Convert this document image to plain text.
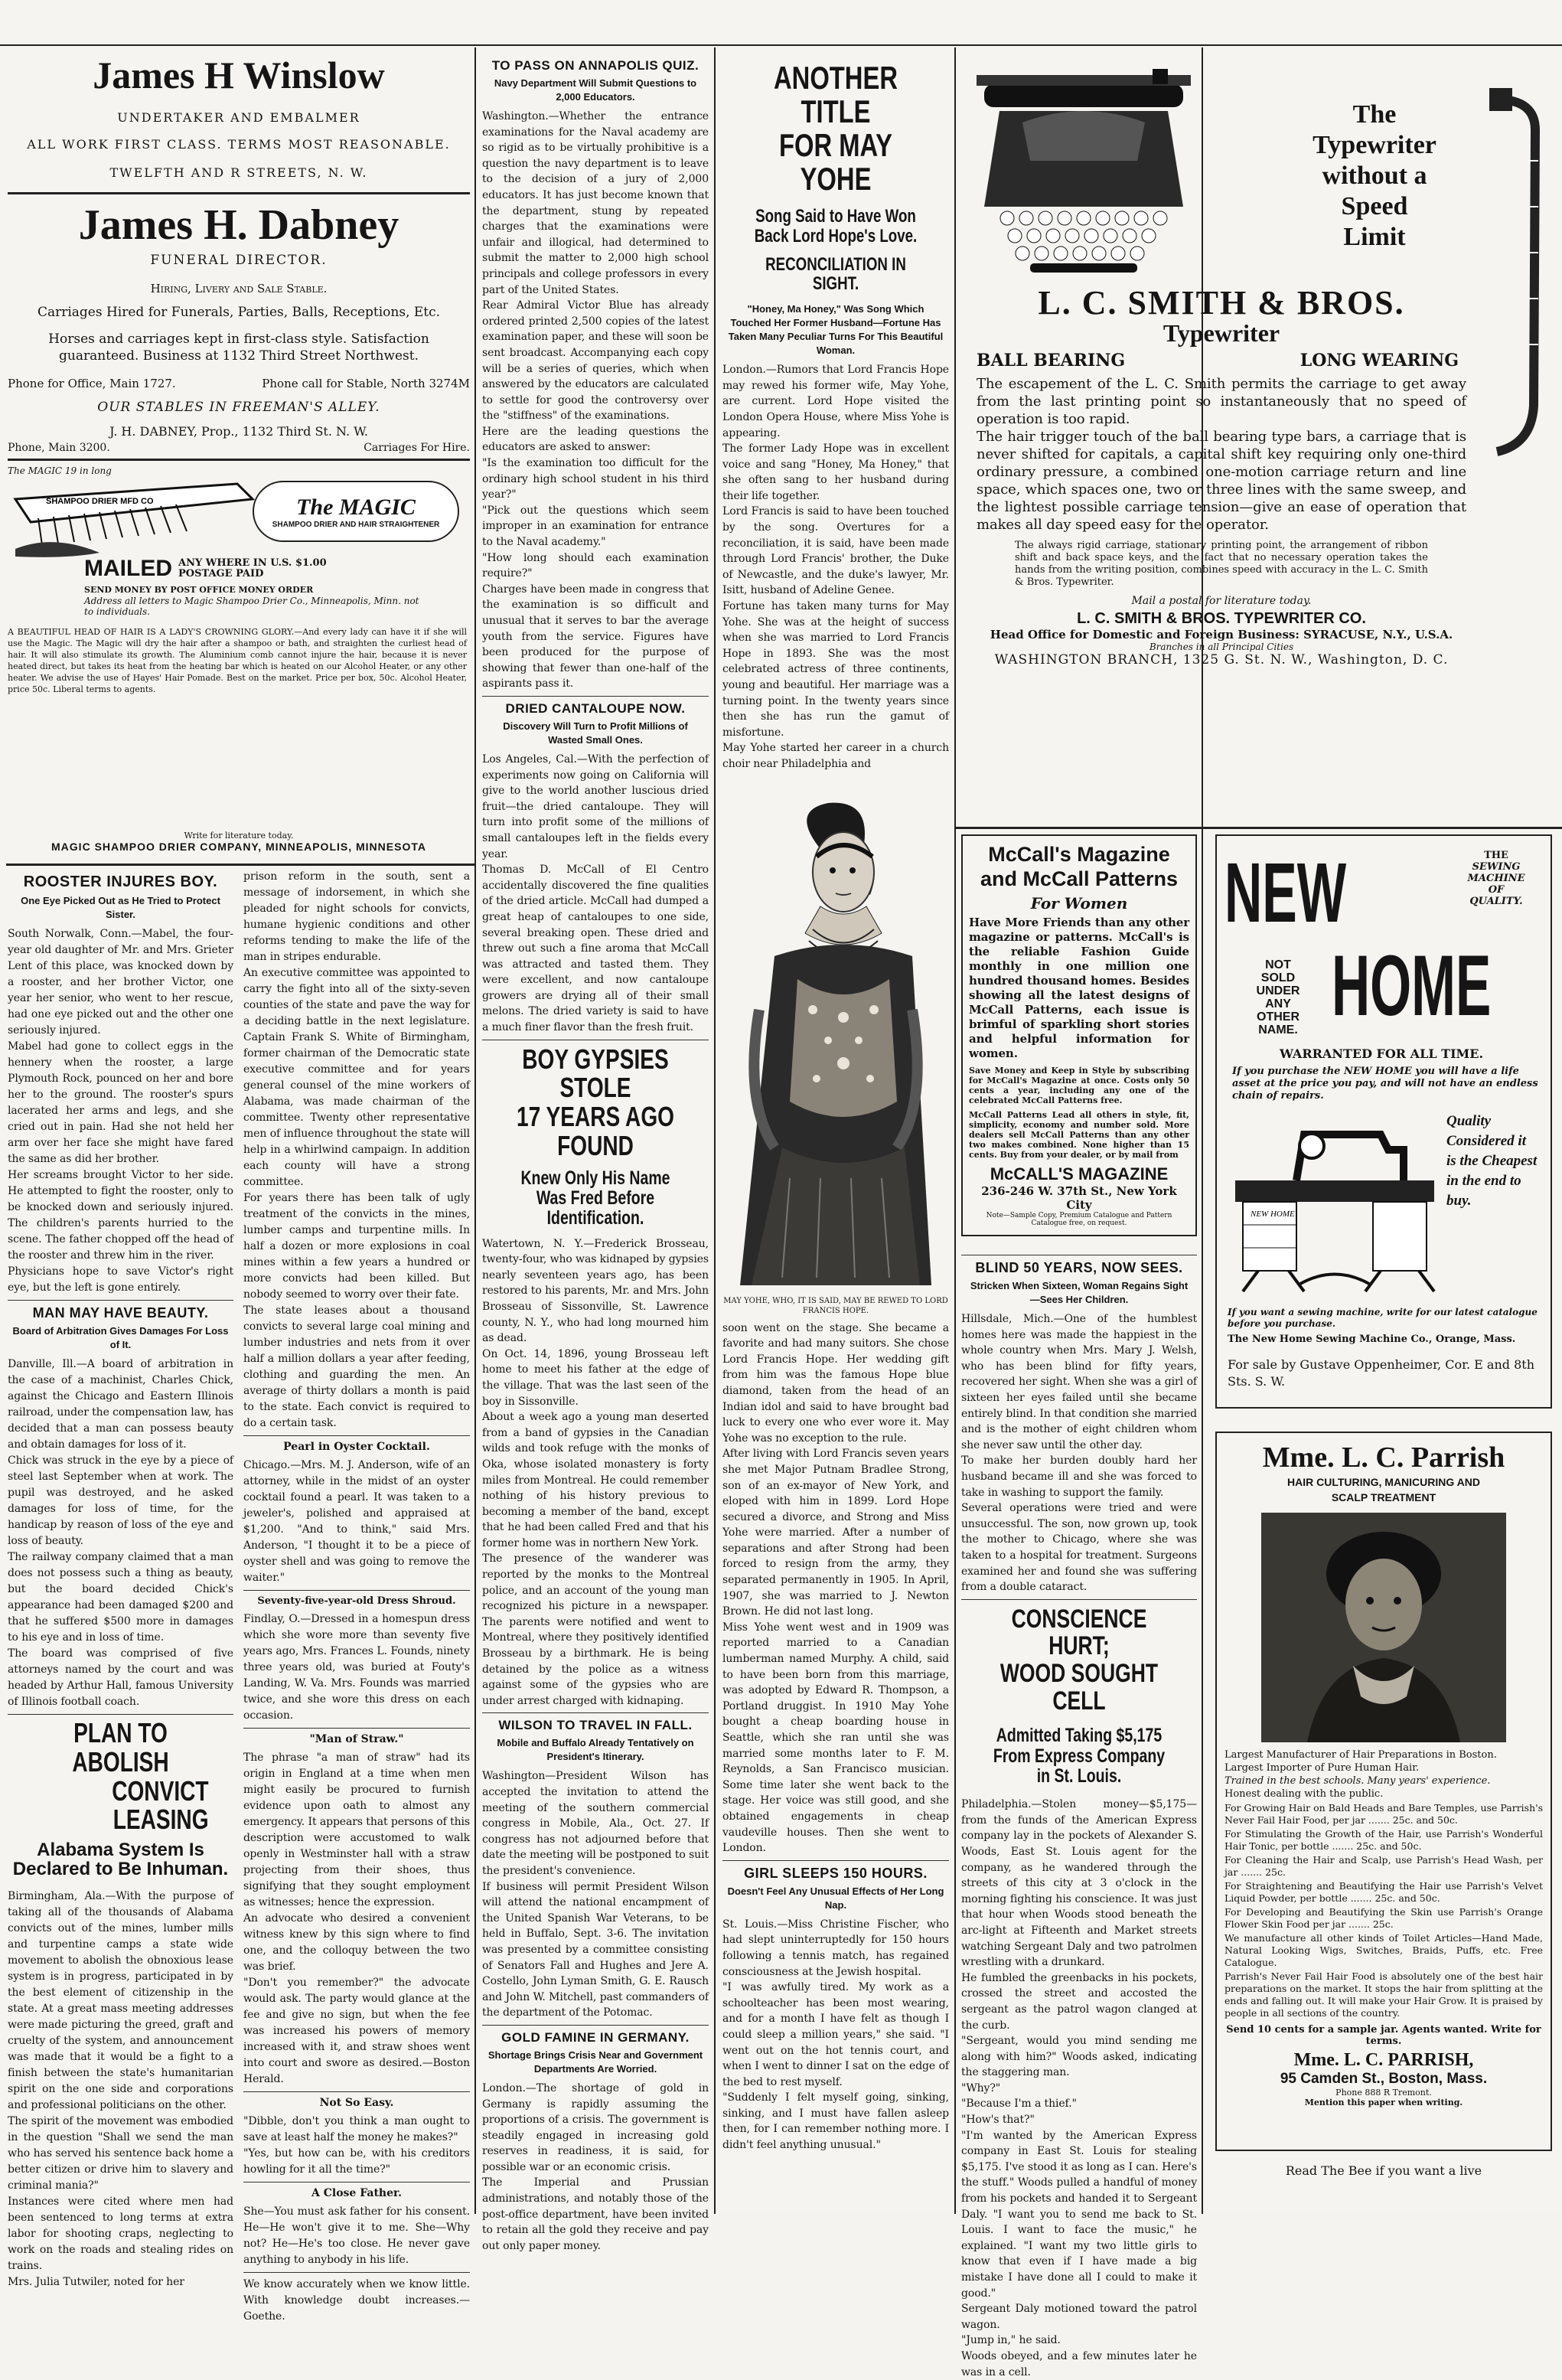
James H Winslow
UNDERTAKER AND EMBALMER
ALL WORK FIRST CLASS. TERMS MOST REASONABLE.
TWELFTH AND R STREETS, N. W.
James H. Dabney
FUNERAL DIRECTOR.
Hiring, Livery and Sale Stable.
Carriages Hired for Funerals, Parties, Balls, Receptions, Etc.
Horses and carriages kept in first-class style. Satisfaction guaranteed. Business at 1132 Third Street Northwest.
Phone for Office, Main 1727.	Phone call for Stable, North 3274M
OUR STABLES IN FREEMAN'S ALLEY.
J. H. DABNEY, Prop., 1132 Third St. N. W.
Phone, Main 3200.	Carriages For Hire.
The MAGIC 19 in long
SHAMPOO DRIER MFD CO	The MAGIC
SHAMPOO DRIER AND HAIR STRAIGHTENER
MAILED ANY WHERE IN U.S. $1.00 POSTAGE PAID
SEND MONEY BY POST OFFICE MONEY ORDER
Address all letters to Magic Shampoo Drier Co., Minneapolis, Minn. not to individuals.
A BEAUTIFUL HEAD OF HAIR IS A LADY'S CROWNING GLORY.—And every lady can have it if she will use the Magic. The Magic will dry the hair after a shampoo or bath, and straighten the curliest head of hair. It will also stimulate its growth. The Aluminium comb cannot injure the hair, because it is never heated direct, but takes its heat from the heating bar which is heated on our Alcohol Heater, or any other heater. We advise the use of Hayes' Hair Pomade. Best on the market. Price per box, 50c. Alcohol Heater, price 50c. Liberal terms to agents.
Write for literature today.
MAGIC SHAMPOO DRIER COMPANY, MINNEAPOLIS, MINNESOTA
ROOSTER INJURES BOY.
One Eye Picked Out as He Tried to Protect Sister.
South Norwalk, Conn.—Mabel, the four-year old daughter of Mr. and Mrs. Grieter Lent of this place, was knocked down by a rooster, and her brother Victor, one year her senior, who went to her rescue, had one eye picked out and the other one seriously injured.
Mabel had gone to collect eggs in the hennery when the rooster, a large Plymouth Rock, pounced on her and bore her to the ground. The rooster's spurs lacerated her arms and legs, and she cried out in pain. Had she not held her arm over her face she might have fared the same as did her brother.
Her screams brought Victor to her side. He attempted to fight the rooster, only to be knocked down and seriously injured. The children's parents hurried to the scene. The father chopped off the head of the rooster and threw him in the river.
Physicians hope to save Victor's right eye, but the left is gone entirely.
MAN MAY HAVE BEAUTY.
Board of Arbitration Gives Damages For Loss of It.
Danville, Ill.—A board of arbitration in the case of a machinist, Charles Chick, against the Chicago and Eastern Illinois railroad, under the compensation law, has decided that a man can possess beauty and obtain damages for loss of it.
Chick was struck in the eye by a piece of steel last September when at work. The pupil was destroyed, and he asked damages for loss of time, for the handicap by reason of loss of the eye and loss of beauty.
The railway company claimed that a man does not possess such a thing as beauty, but the board decided Chick's appearance had been damaged $200 and that he suffered $500 more in damages to his eye and in loss of time.
The board was comprised of five attorneys named by the court and was headed by Arthur Hall, famous University of Illinois football coach.
PLAN TO ABOLISH
CONVICT LEASING
Alabama System Is Declared to Be Inhuman.
Birmingham, Ala.—With the purpose of taking all of the thousands of Alabama convicts out of the mines, lumber mills and turpentine camps a state wide movement to abolish the obnoxious lease system is in progress, participated in by the best element of citizenship in the state. At a great mass meeting addresses were made picturing the greed, graft and cruelty of the system, and announcement was made that it would be a fight to a finish between the state's humanitarian spirit on the one side and corporations and professional politicians on the other.
The spirit of the movement was embodied in the question "Shall we send the man who has served his sentence back home a better citizen or drive him to slavery and criminal mania?"
Instances were cited where men had been sentenced to long terms at extra labor for shooting craps, neglecting to work on the roads and stealing rides on trains.
Mrs. Julia Tutwiler, noted for her
prison reform in the south, sent a message of indorsement, in which she pleaded for night schools for convicts, humane hygienic conditions and other reforms tending to make the life of the man in stripes endurable.
An executive committee was appointed to carry the fight into all of the sixty-seven counties of the state and pave the way for a deciding battle in the next legislature. Captain Frank S. White of Birmingham, former chairman of the Democratic state executive committee and for years general counsel of the mine workers of Alabama, was made chairman of the committee. Twenty other representative men of influence throughout the state will help in a whirlwind campaign. In addition each county will have a strong committee.
For years there has been talk of ugly treatment of the convicts in the mines, lumber camps and turpentine mills. In half a dozen or more explosions in coal mines within a few years a hundred or more convicts had been killed. But nobody seemed to worry over their fate.
The state leases about a thousand convicts to several large coal mining and lumber industries and nets from it over half a million dollars a year after feeding, clothing and guarding the men. An average of thirty dollars a month is paid to the state. Each convict is required to do a certain task.
Pearl in Oyster Cocktail.
Chicago.—Mrs. M. J. Anderson, wife of an attorney, while in the midst of an oyster cocktail found a pearl. It was taken to a jeweler's, polished and appraised at $1,200. "And to think," said Mrs. Anderson, "I thought it to be a piece of oyster shell and was going to remove the waiter."
Seventy-five-year-old Dress Shroud.
Findlay, O.—Dressed in a homespun dress which she wore more than seventy five years ago, Mrs. Frances L. Founds, ninety three years old, was buried at Fouty's Landing, W. Va. Mrs. Founds was married twice, and she wore this dress on each occasion.
"Man of Straw."
The phrase "a man of straw" had its origin in England at a time when men might easily be procured to furnish evidence upon oath to almost any emergency. It appears that persons of this description were accustomed to walk openly in Westminster hall with a straw projecting from their shoes, thus signifying that they sought employment as witnesses; hence the expression.
An advocate who desired a convenient witness knew by this sign where to find one, and the colloquy between the two was brief.
"Don't you remember?" the advocate would ask. The party would glance at the fee and give no sign, but when the fee was increased his powers of memory increased with it, and straw shoes went into court and swore as desired.—Boston Herald.
Not So Easy.
"Dibble, don't you think a man ought to save at least half the money he makes?"
"Yes, but how can be, with his creditors howling for it all the time?"
A Close Father.
She—You must ask father for his consent. He—He won't give it to me. She—Why not? He—He's too close. He never gave anything to anybody in his life.
We know accurately when we know little. With knowledge doubt increases.—Goethe.
TO PASS ON ANNAPOLIS QUIZ.
Navy Department Will Submit Questions to 2,000 Educators.
Washington.—Whether the entrance examinations for the Naval academy are so rigid as to be virtually prohibitive is a question the navy department is to leave to the decision of a jury of 2,000 educators. It has just become known that the department, stung by repeated charges that the examinations were unfair and illogical, had determined to submit the matter to 2,000 high school principals and college professors in every part of the United States.
Rear Admiral Victor Blue has already ordered printed 2,500 copies of the latest examination paper, and these will soon be sent broadcast. Accompanying each copy will be a series of queries, which when answered by the educators are calculated to settle for good the controversy over the "stiffness" of the examinations.
Here are the leading questions the educators are asked to answer:
"Is the examination too difficult for the ordinary high school student in his third year?"
"Pick out the questions which seem improper in an examination for entrance to the Naval academy."
"How long should each examination require?"
Charges have been made in congress that the examination is so difficult and unusual that it serves to bar the average youth from the service. Figures have been produced for the purpose of showing that fewer than one-half of the aspirants pass it.
DRIED CANTALOUPE NOW.
Discovery Will Turn to Profit Millions of Wasted Small Ones.
Los Angeles, Cal.—With the perfection of experiments now going on California will give to the world another luscious dried fruit—the dried cantaloupe. They will turn into profit some of the millions of small cantaloupes left in the fields every year.
Thomas D. McCall of El Centro accidentally discovered the fine qualities of the dried article. McCall had dumped a great heap of cantaloupes to one side, several breaking open. These dried and threw out such a fine aroma that McCall was attracted and tasted them. They were excellent, and now cantaloupe growers are drying all of their small melons. The dried variety is said to have a much finer flavor than the fresh fruit.
BOY GYPSIES STOLE
17 YEARS AGO FOUND
Knew Only His Name Was Fred Before Identification.
Watertown, N. Y.—Frederick Brosseau, twenty-four, who was kidnaped by gypsies nearly seventeen years ago, has been restored to his parents, Mr. and Mrs. John Brosseau of Sissonville, St. Lawrence county, N. Y., who had long mourned him as dead.
On Oct. 14, 1896, young Brosseau left home to meet his father at the edge of the village. That was the last seen of the boy in Sissonville.
About a week ago a young man deserted from a band of gypsies in the Canadian wilds and took refuge with the monks of Oka, whose isolated monastery is forty miles from Montreal. He could remember nothing of his history previous to becoming a member of the band, except that he had been called Fred and that his former home was in northern New York.
The presence of the wanderer was reported by the monks to the Montreal police, and an account of the young man recognized his picture in a newspaper. The parents were notified and went to Montreal, where they positively identified Brosseau by a birthmark. He is being detained by the police as a witness against some of the gypsies who are under arrest charged with kidnaping.
WILSON TO TRAVEL IN FALL.
Mobile and Buffalo Already Tentatively on President's Itinerary.
Washington—President Wilson has accepted the invitation to attend the meeting of the southern commercial congress in Mobile, Ala., Oct. 27. If congress has not adjourned before that date the meeting will be postponed to suit the president's convenience.
If business will permit President Wilson will attend the national encampment of the United Spanish War Veterans, to be held in Buffalo, Sept. 3-6. The invitation was presented by a committee consisting of Senators Fall and Hughes and Jere A. Costello, John Lyman Smith, G. E. Rausch and John W. Mitchell, past commanders of the department of the Potomac.
GOLD FAMINE IN GERMANY.
Shortage Brings Crisis Near and Government Departments Are Worried.
London.—The shortage of gold in Germany is rapidly assuming the proportions of a crisis. The government is steadily engaged in increasing gold reserves in readiness, it is said, for possible war or an economic crisis.
The Imperial and Prussian administrations, and notably those of the post-office department, have been invited to retain all the gold they receive and pay out only paper money.
ANOTHER TITLE
FOR MAY YOHE
Song Said to Have Won Back Lord Hope's Love.
RECONCILIATION IN SIGHT.
"Honey, Ma Honey," Was Song Which Touched Her Former Husband—Fortune Has Taken Many Peculiar Turns For This Beautiful Woman.
London.—Rumors that Lord Francis Hope may rewed his former wife, May Yohe, are current. Lord Hope visited the London Opera House, where Miss Yohe is appearing.
The former Lady Hope was in excellent voice and sang "Honey, Ma Honey," that she often sang to her husband during their life together.
Lord Francis is said to have been touched by the song. Overtures for a reconciliation, it is said, have been made through Lord Francis' brother, the Duke of Newcastle, and the duke's lawyer, Mr. Isitt, husband of Adeline Genee.
Fortune has taken many turns for May Yohe. She was at the height of success when she was married to Lord Francis Hope in 1893. She was the most celebrated actress of three continents, young and beautiful. Her marriage was a turning point. In the twenty years since then she has run the gamut of misfortune.
May Yohe started her career in a church choir near Philadelphia and
MAY YOHE, WHO, IT IS SAID, MAY BE REWED TO LORD FRANCIS HOPE.
soon went on the stage. She became a favorite and had many suitors. She chose Lord Francis Hope. Her wedding gift from him was the famous Hope blue diamond, taken from the head of an Indian idol and said to have brought bad luck to every one who ever wore it. May Yohe was no exception to the rule.
After living with Lord Francis seven years she met Major Putnam Bradlee Strong, son of an ex-mayor of New York, and eloped with him in 1899. Lord Hope secured a divorce, and Strong and Miss Yohe were married. After a number of separations and after Strong had been forced to resign from the army, they separated permanently in 1905. In April, 1907, she was married to J. Newton Brown. He did not last long.
Miss Yohe went west and in 1909 was reported married to a Canadian lumberman named Murphy. A child, said to have been born from this marriage, was adopted by Edward R. Thompson, a Portland druggist. In 1910 May Yohe bought a cheap boarding house in Seattle, which she ran until she was married some months later to F. M. Reynolds, a San Francisco musician. Some time later she went back to the stage. Her voice was still good, and she obtained engagements in cheap vaudeville houses. Then she went to London.
GIRL SLEEPS 150 HOURS.
Doesn't Feel Any Unusual Effects of Her Long Nap.
St. Louis.—Miss Christine Fischer, who had slept uninterruptedly for 150 hours following a tennis match, has regained consciousness at the Jewish hospital.
"I was awfully tired. My work as a schoolteacher has been most wearing, and for a month I have felt as though I could sleep a million years," she said. "I went out on the hot tennis court, and when I went to dinner I sat on the edge of the bed to rest myself.
"Suddenly I felt myself going, sinking, sinking, and I must have fallen asleep then, for I can remember nothing more. I didn't feel anything unusual."
The
Typewriter
without a
Speed
Limit
L. C. SMITH & BROS.
Typewriter
BALL BEARING	LONG WEARING
The escapement of the L. C. Smith permits the carriage to get away from the last printing point so instantaneously that no speed of operation is too rapid.
The hair trigger touch of the ball bearing type bars, a carriage that is never shifted for capitals, a capital shift key requiring only one-third ordinary pressure, a combined one-motion carriage return and line space, which spaces one, two or three lines with the same sweep, and the lightest possible carriage tension—give an ease of operation that makes all day speed easy for the operator.
The always rigid carriage, stationary printing point, the arrangement of ribbon shift and back space keys, and the fact that no necessary operation takes the hands from the writing position, combines speed with accuracy in the L. C. Smith & Bros. Typewriter.
Mail a postal for literature today.
L. C. SMITH & BROS. TYPEWRITER CO.
Head Office for Domestic and Foreign Business: SYRACUSE, N.Y., U.S.A.
Branches in all Principal Cities
WASHINGTON BRANCH, 1325 G. St. N. W., Washington, D. C.
McCall's Magazine
and McCall Patterns
For Women
Have More Friends than any other magazine or patterns. McCall's is the reliable Fashion Guide monthly in one million one hundred thousand homes. Besides showing all the latest designs of McCall Patterns, each issue is brimful of sparkling short stories and helpful information for women.
Save Money and Keep in Style by subscribing for McCall's Magazine at once. Costs only 50 cents a year, including any one of the celebrated McCall Patterns free.
McCall Patterns Lead all others in style, fit, simplicity, economy and number sold. More dealers sell McCall Patterns than any other two makes combined. None higher than 15 cents. Buy from your dealer, or by mail from
McCALL'S MAGAZINE
236-246 W. 37th St., New York City
Note—Sample Copy, Premium Catalogue and Pattern Catalogue free, on request.
BLIND 50 YEARS, NOW SEES.
Stricken When Sixteen, Woman Regains Sight—Sees Her Children.
Hillsdale, Mich.—One of the humblest homes here was made the happiest in the whole country when Mrs. Mary J. Welsh, who has been blind for fifty years, recovered her sight. When she was a girl of sixteen her eyes failed until she became entirely blind. In that condition she married and is the mother of eight children whom she never saw until the other day.
To make her burden doubly hard her husband became ill and she was forced to take in washing to support the family.
Several operations were tried and were unsuccessful. The son, now grown up, took the mother to Chicago, where she was taken to a hospital for treatment. Surgeons examined her and found she was suffering from a double cataract.
CONSCIENCE HURT;
WOOD SOUGHT CELL
Admitted Taking $5,175 From Express Company in St. Louis.
Philadelphia.—Stolen money—$5,175—from the funds of the American Express company lay in the pockets of Alexander S. Woods, East St. Louis agent for the company, as he wandered through the streets of this city at 3 o'clock in the morning fighting his conscience. It was just that hour when Woods stood beneath the arc-light at Fifteenth and Market streets watching Sergeant Daly and two patrolmen wrestling with a drunkard.
He fumbled the greenbacks in his pockets, crossed the street and accosted the sergeant as the patrol wagon clanged at the curb.
"Sergeant, would you mind sending me along with him?" Woods asked, indicating the staggering man.
"Why?"
"Because I'm a thief."
"How's that?"
"I'm wanted by the American Express company in East St. Louis for stealing $5,175. I've stood it as long as I can. Here's the stuff." Woods pulled a handful of money from his pockets and handed it to Sergeant Daly. "I want you to send me back to St. Louis. I want to face the music," he explained. "I want my two little girls to know that even if I have made a big mistake I have done all I could to make it good."
Sergeant Daly motioned toward the patrol wagon.
"Jump in," he said.
Woods obeyed, and a few minutes later he was in a cell.
NEW	THE
SEWING MACHINE OF QUALITY.
NOT SOLD UNDER ANY OTHER NAME. HOME
WARRANTED FOR ALL TIME.
If you purchase the NEW HOME you will have a life asset at the price you pay, and will not have an endless chain of repairs.
NEW HOME
Quality Considered it is the Cheapest in the end to buy.
If you want a sewing machine, write for our latest catalogue before you purchase.
The New Home Sewing Machine Co., Orange, Mass.
For sale by Gustave Oppenheimer, Cor. E and 8th Sts. S. W.
Mme. L. C. Parrish
HAIR CULTURING, MANICURING AND SCALP TREATMENT
Largest Manufacturer of Hair Preparations in Boston.
Largest Importer of Pure Human Hair.
Trained in the best schools. Many years' experience.
Honest dealing with the public.
For Growing Hair on Bald Heads and Bare Temples, use Parrish's Never Fail Hair Food, per jar ....... 25c. and 50c.
For Stimulating the Growth of the Hair, use Parrish's Wonderful Hair Tonic, per bottle ....... 25c. and 50c.
For Cleaning the Hair and Scalp, use Parrish's Head Wash, per jar ....... 25c.
For Straightening and Beautifying the Hair use Parrish's Velvet Liquid Powder, per bottle ....... 25c. and 50c.
For Developing and Beautifying the Skin use Parrish's Orange Flower Skin Food per jar ....... 25c.
We manufacture all other kinds of Toilet Articles—Hand Made, Natural Looking Wigs, Switches, Braids, Puffs, etc. Free Catalogue.
Parrish's Never Fail Hair Food is absolutely one of the best hair preparations on the market. It stops the hair from splitting at the ends and falling out. It will make your Hair Grow. It is praised by people in all sections of the country.
Send 10 cents for a sample jar. Agents wanted. Write for terms.
Mme. L. C. PARRISH,
95 Camden St., Boston, Mass.
Phone 888 R Tremont.
Mention this paper when writing.
Read The Bee if you want a live
